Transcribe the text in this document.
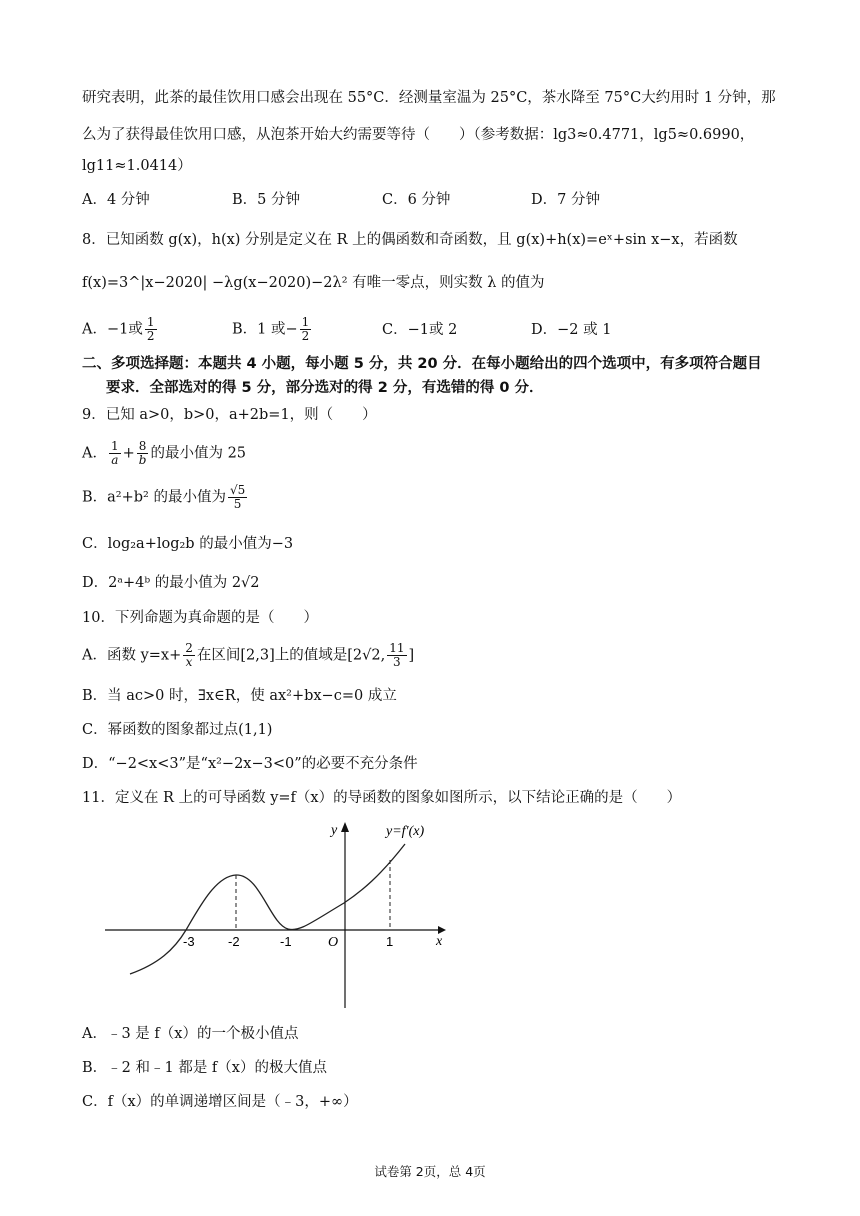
研究表明，此茶的最佳饮用口感会出现在 55°C．经测量室温为 25°C，茶水降至 75°C大约用时 1 分钟，那
么为了获得最佳饮用口感，从泡茶开始大约需要等待（　　）（参考数据：lg3≈0.4771，lg5≈0.6990，
lg11≈1.0414）
A．4 分钟	B．5 分钟	C．6 分钟	D．7 分钟
8．已知函数 g(x)，h(x) 分别是定义在 R 上的偶函数和奇函数，且 g(x)+h(x)=eˣ+sin x−x，若函数
f(x)=3^|x−2020| −λg(x−2020)−2λ² 有唯一零点，则实数 λ 的值为
A．−1或 $\frac{1}{2}$	B．1 或− $\frac{1}{2}$	C．−1或 2	D．−2 或 1
二、多项选择题：本题共 4 小题，每小题 5 分，共 20 分．在每小题给出的四个选项中，有多项符合题目
要求．全部选对的得 5 分，部分选对的得 2 分，有选错的得 0 分．
9．已知 a>0，b>0，a+2b=1，则（　　）
A． $\frac{1}{a} + \frac{8}{b}$ 的最小值为 25
B．a²+b² 的最小值为 $\frac{√5}{5}$
C．log₂a+log₂b 的最小值为−3
D．2ᵃ+4ᵇ 的最小值为 2√2
10．下列命题为真命题的是（　　）
A．函数 $y=x+ \frac{2}{x}$ 在区间[2,3]上的值域是[2√2, $\frac{11}{3}$ ]
B．当 ac>0 时，∃x∈R，使 ax²+bx−c=0 成立
C．幂函数的图象都过点(1,1)
D．“−2<x<3”是“x²−2x−3<0”的必要不充分条件
11．定义在 R 上的可导函数 y=f（x）的导函数的图象如图所示，以下结论正确的是（　　）
y
x
O
y=f′(x)
-3	-2	-1	1
A．﹣3 是 f（x）的一个极小值点
B．﹣2 和﹣1 都是 f（x）的极大值点
C．f（x）的单调递增区间是（﹣3，+∞）
试卷第 2页，总 4页
